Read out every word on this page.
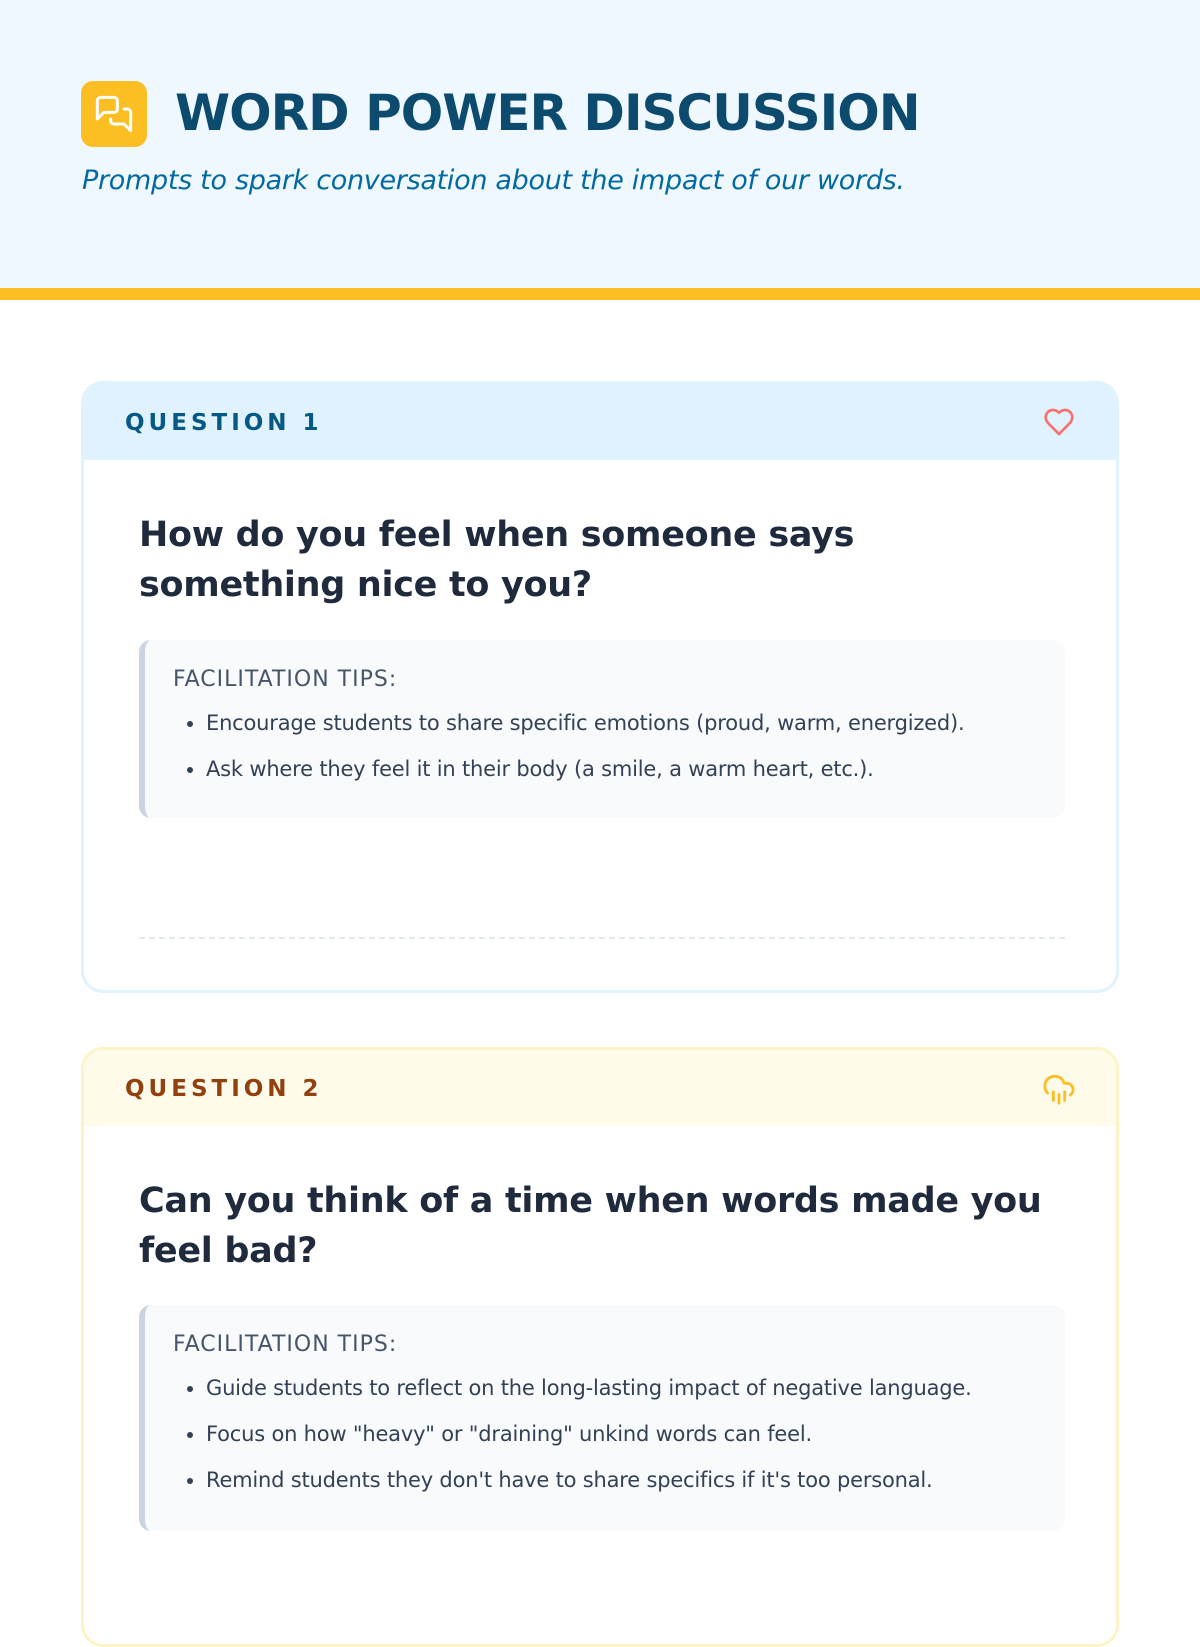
WORD POWER DISCUSSION
Prompts to spark conversation about the impact of our words.
QUESTION 1
How do you feel when someone says something nice to you?
FACILITATION TIPS:
• Encourage students to share specific emotions (proud, warm, energized).
• Ask where they feel it in their body (a smile, a warm heart, etc.).
QUESTION 2
Can you think of a time when words made you feel bad?
FACILITATION TIPS:
• Guide students to reflect on the long-lasting impact of negative language.
• Focus on how "heavy" or "draining" unkind words can feel.
• Remind students they don't have to share specifics if it's too personal.
